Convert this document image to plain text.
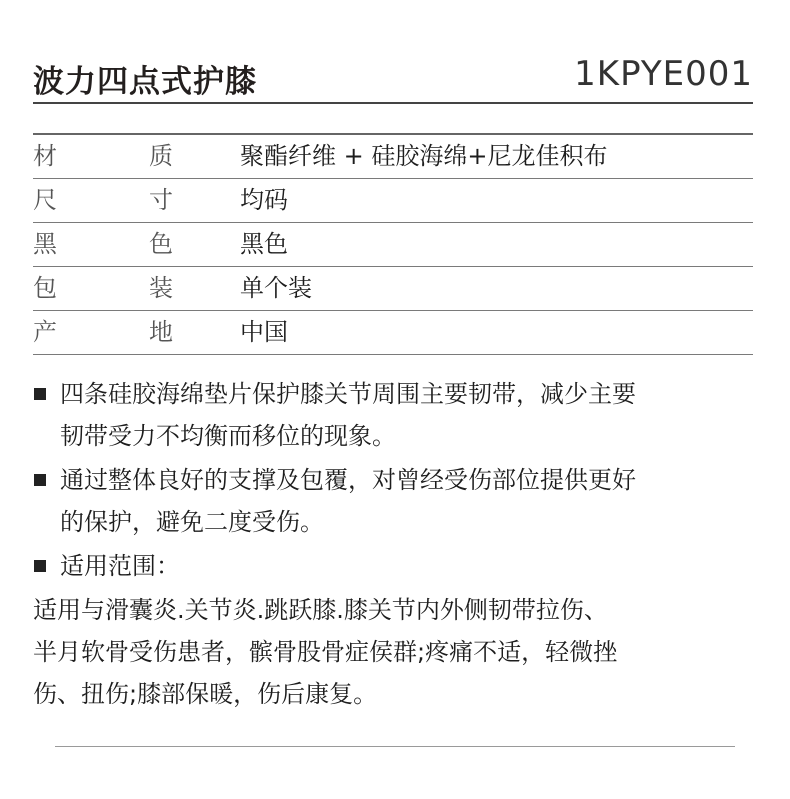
波力四点式护膝	1KPYE001
材	质	聚酯纤维 + 硅胶海绵+尼龙佳积布
尺	寸	均码
黑	色	黑色
包	装	单个装
产	地	中国
四条硅胶海绵垫片保护膝关节周围主要韧带，减少主要
韧带受力不均衡而移位的现象。
通过整体良好的支撑及包覆，对曾经受伤部位提供更好
的保护，避免二度受伤。
适用范围：
适用与滑囊炎.关节炎.跳跃膝.膝关节内外侧韧带拉伤、
半月软骨受伤患者，髌骨股骨症侯群;疼痛不适，轻微挫
伤、扭伤;膝部保暖，伤后康复。
